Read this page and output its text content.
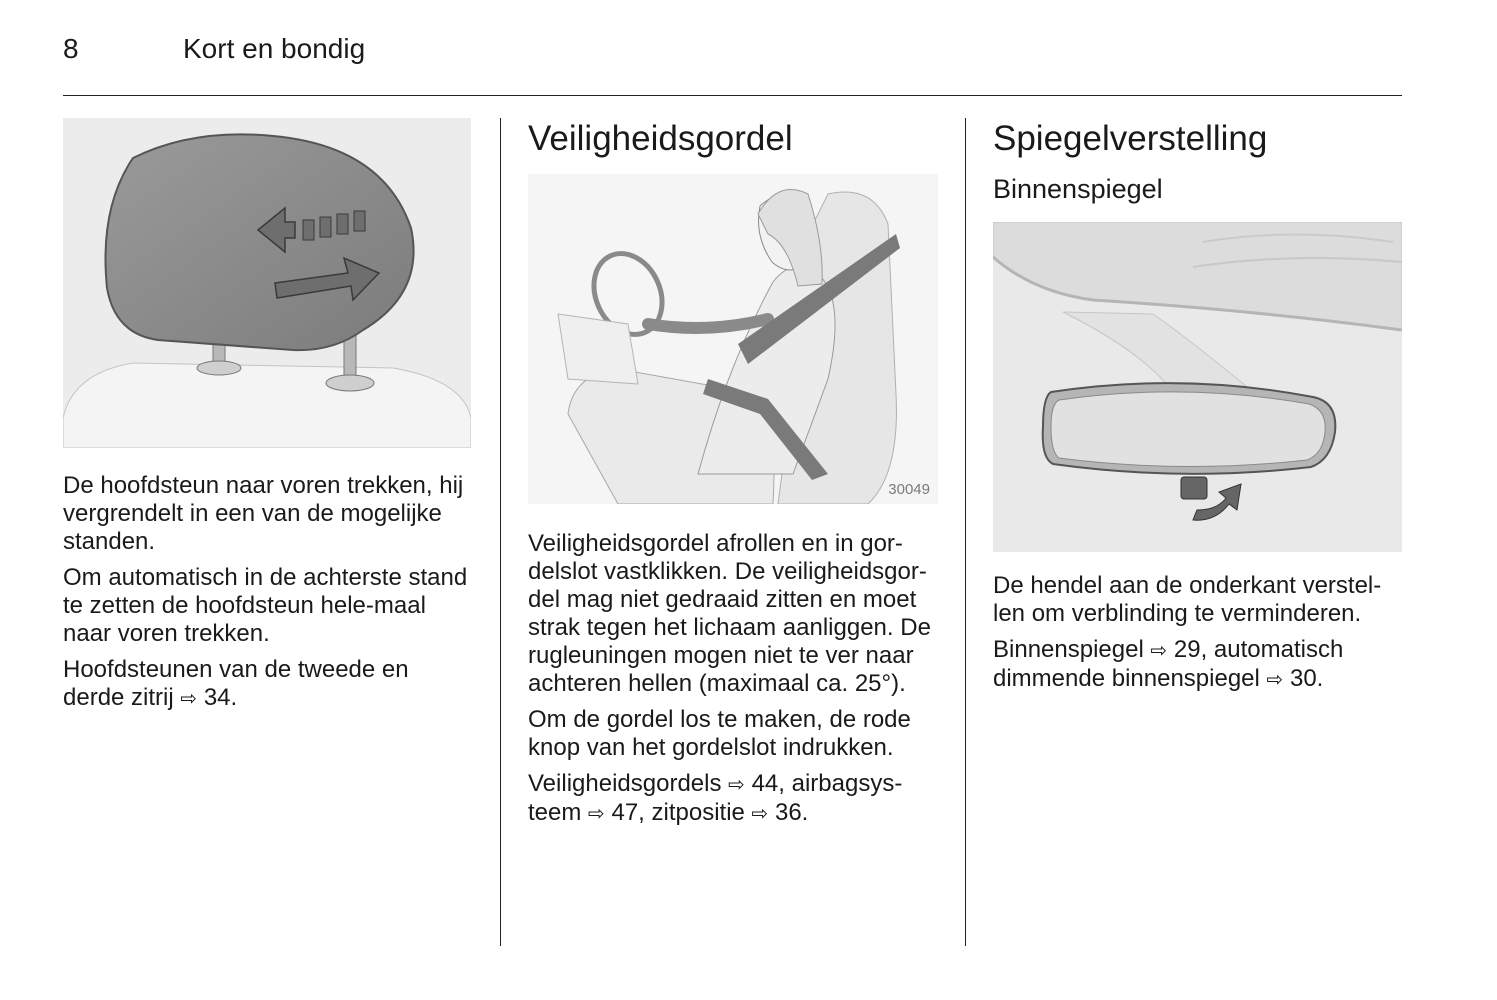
8	Kort en bondig

De hoofdsteun naar voren trekken, hij vergrendelt in een van de mogelijke standen.

Om automatisch in de achterste stand te zetten de hoofdsteun hele-maal naar voren trekken.

Hoofdsteunen van de tweede en derde zitrij ⇨ 34.

Veiligheidsgordel
30049

Veiligheidsgordel afrollen en in gor-delslot vastklikken. De veiligheidsgor-del mag niet gedraaid zitten en moet strak tegen het lichaam aanliggen. De rugleuningen mogen niet te ver naar achteren hellen (maximaal ca. 25°).

Om de gordel los te maken, de rode knop van het gordelslot indrukken.

Veiligheidsgordels ⇨ 44, airbagsys-teem ⇨ 47, zitpositie ⇨ 36.

Spiegelverstelling
Binnenspiegel

De hendel aan de onderkant verstel-len om verblinding te verminderen.

Binnenspiegel ⇨ 29, automatisch dimmende binnenspiegel ⇨ 30.
